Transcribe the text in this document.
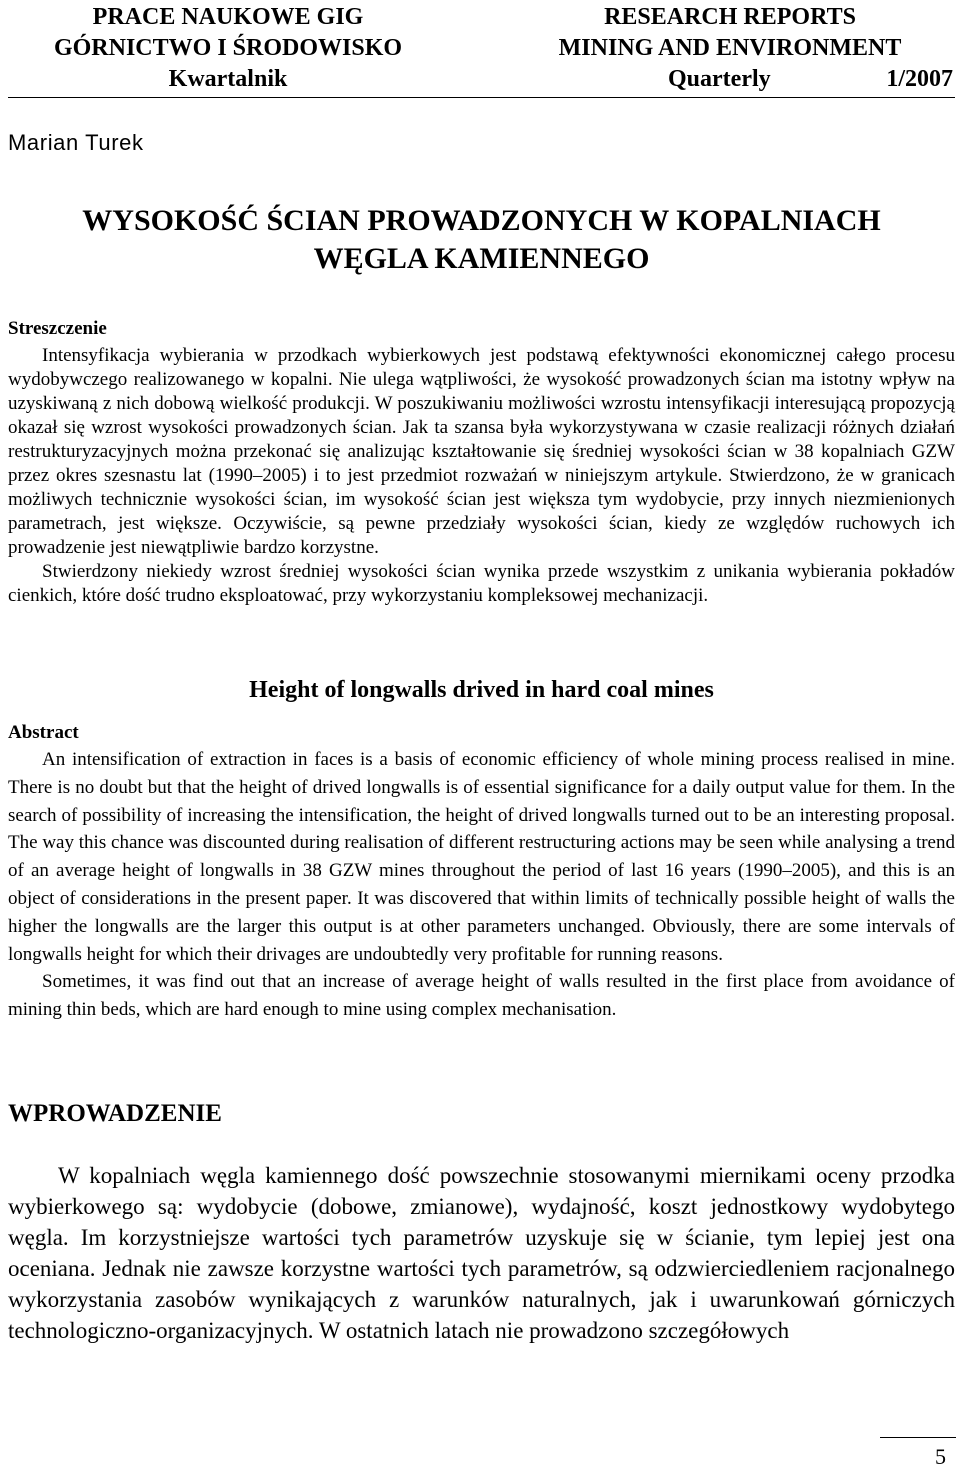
PRACE NAUKOWE GIG
GÓRNICTWO I ŚRODOWISKO
RESEARCH REPORTS
MINING AND ENVIRONMENT
Kwartalnik	Quarterly	1/2007
Marian Turek
WYSOKOŚĆ ŚCIAN PROWADZONYCH W KOPALNIACH
WĘGLA KAMIENNEGO
Streszczenie

Intensyfikacja wybierania w przodkach wybierkowych jest podstawą efektywności ekonomicznej całego procesu wydobywczego realizowanego w kopalni. Nie ulega wątpliwości, że wysokość prowadzonych ścian ma istotny wpływ na uzyskiwaną z nich dobową wielkość produkcji. W poszukiwaniu możliwości wzrostu intensyfikacji interesującą propozycją okazał się wzrost wysokości prowadzonych ścian. Jak ta szansa była wykorzystywana w czasie realizacji różnych działań restrukturyzacyjnych można przekonać się analizując kształtowanie się średniej wysokości ścian w 38 kopalniach GZW przez okres szesnastu lat (1990–2005) i to jest przedmiot rozważań w niniejszym artykule. Stwierdzono, że w granicach możliwych technicznie wysokości ścian, im wysokość ścian jest większa tym wydobycie, przy innych niezmienionych parametrach, jest większe. Oczywiście, są pewne przedziały wysokości ścian, kiedy ze względów ruchowych ich prowadzenie jest niewątpliwie bardzo korzystne.

Stwierdzony niekiedy wzrost średniej wysokości ścian wynika przede wszystkim z unikania wybierania pokładów cienkich, które dość trudno eksploatować, przy wykorzystaniu kompleksowej mechanizacji.

Height of longwalls drived in hard coal mines
Abstract

An intensification of extraction in faces is a basis of economic efficiency of whole mining process realised in mine. There is no doubt but that the height of drived longwalls is of essential significance for a daily output value for them. In the search of possibility of increasing the intensification, the height of drived longwalls turned out to be an interesting proposal. The way this chance was discounted during realisation of different restructuring actions may be seen while analysing a trend of an average height of longwalls in 38 GZW mines throughout the period of last 16 years (1990–2005), and this is an object of considerations in the present paper. It was discovered that within limits of technically possible height of walls the higher the longwalls are the larger this output is at other parameters unchanged. Obviously, there are some intervals of longwalls height for which their drivages are undoubtedly very profitable for running reasons.

Sometimes, it was find out that an increase of average height of walls resulted in the first place from avoidance of mining thin beds, which are hard enough to mine using complex mechanisation.

WPROWADZENIE

W kopalniach węgla kamiennego dość powszechnie stosowanymi miernikami oceny przodka wybierkowego są: wydobycie (dobowe, zmianowe), wydajność, koszt jednostkowy wydobytego węgla. Im korzystniejsze wartości tych parametrów uzyskuje się w ścianie, tym lepiej jest ona oceniana. Jednak nie zawsze korzystne wartości tych parametrów, są odzwierciedleniem racjonalnego wykorzystania zasobów wynikających z warunków naturalnych, jak i uwarunkowań górniczych technologiczno-organizacyjnych. W ostatnich latach nie prowadzono szczegółowych

5
